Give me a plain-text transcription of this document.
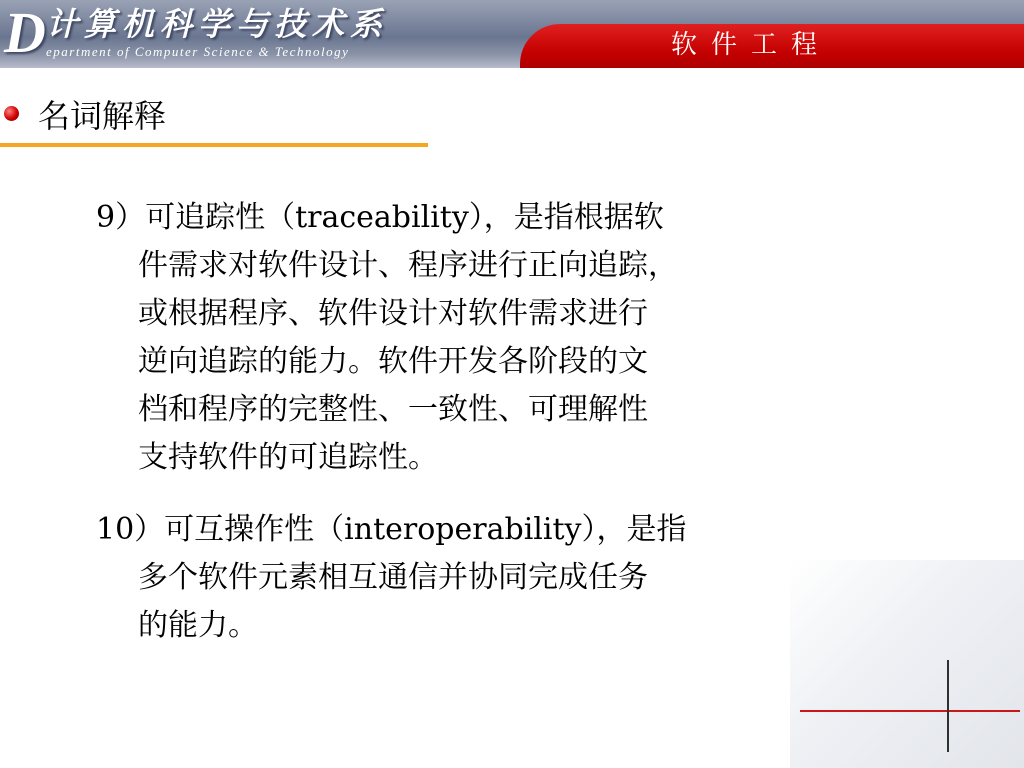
D 计算机科学与技术系
epartment of Computer Science & Technology	软件工程
名词解释
9）可追踪性（traceability），是指根据软
件需求对软件设计、程序进行正向追踪，
或根据程序、软件设计对软件需求进行
逆向追踪的能力。软件开发各阶段的文
档和程序的完整性、一致性、可理解性
支持软件的可追踪性。
10）可互操作性（interoperability），是指
多个软件元素相互通信并协同完成任务
的能力。
